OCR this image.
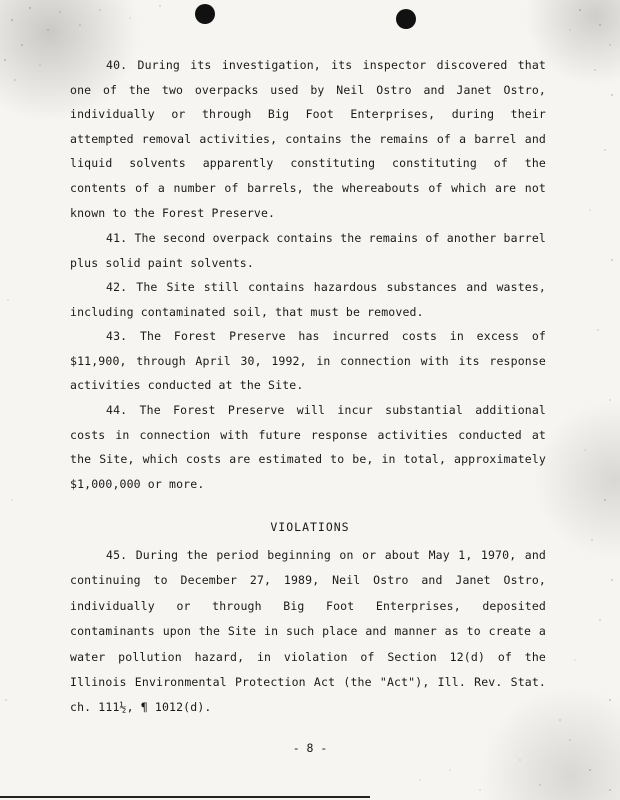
40. During its investigation, its inspector discovered that one of the two overpacks used by Neil Ostro and Janet Ostro, individually or through Big Foot Enterprises, during their attempted removal activities, contains the remains of a barrel and liquid solvents apparently constituting constituting of the contents of a number of barrels, the whereabouts of which are not known to the Forest Preserve.

41. The second overpack contains the remains of another barrel plus solid paint solvents.

42. The Site still contains hazardous substances and wastes, including contaminated soil, that must be removed.

43. The Forest Preserve has incurred costs in excess of $11,900, through April 30, 1992, in connection with its response activities conducted at the Site.

44. The Forest Preserve will incur substantial additional costs in connection with future response activities conducted at the Site, which costs are estimated to be, in total, approximately $1,000,000 or more.

VIOLATIONS

45. During the period beginning on or about May 1, 1970, and continuing to December 27, 1989, Neil Ostro and Janet Ostro, individually or through Big Foot Enterprises, deposited contaminants upon the Site in such place and manner as to create a water pollution hazard, in violation of Section 12(d) of the Illinois Environmental Protection Act (the "Act"), Ill. Rev. Stat. ch. 111½, ¶ 1012(d).

- 8 -
